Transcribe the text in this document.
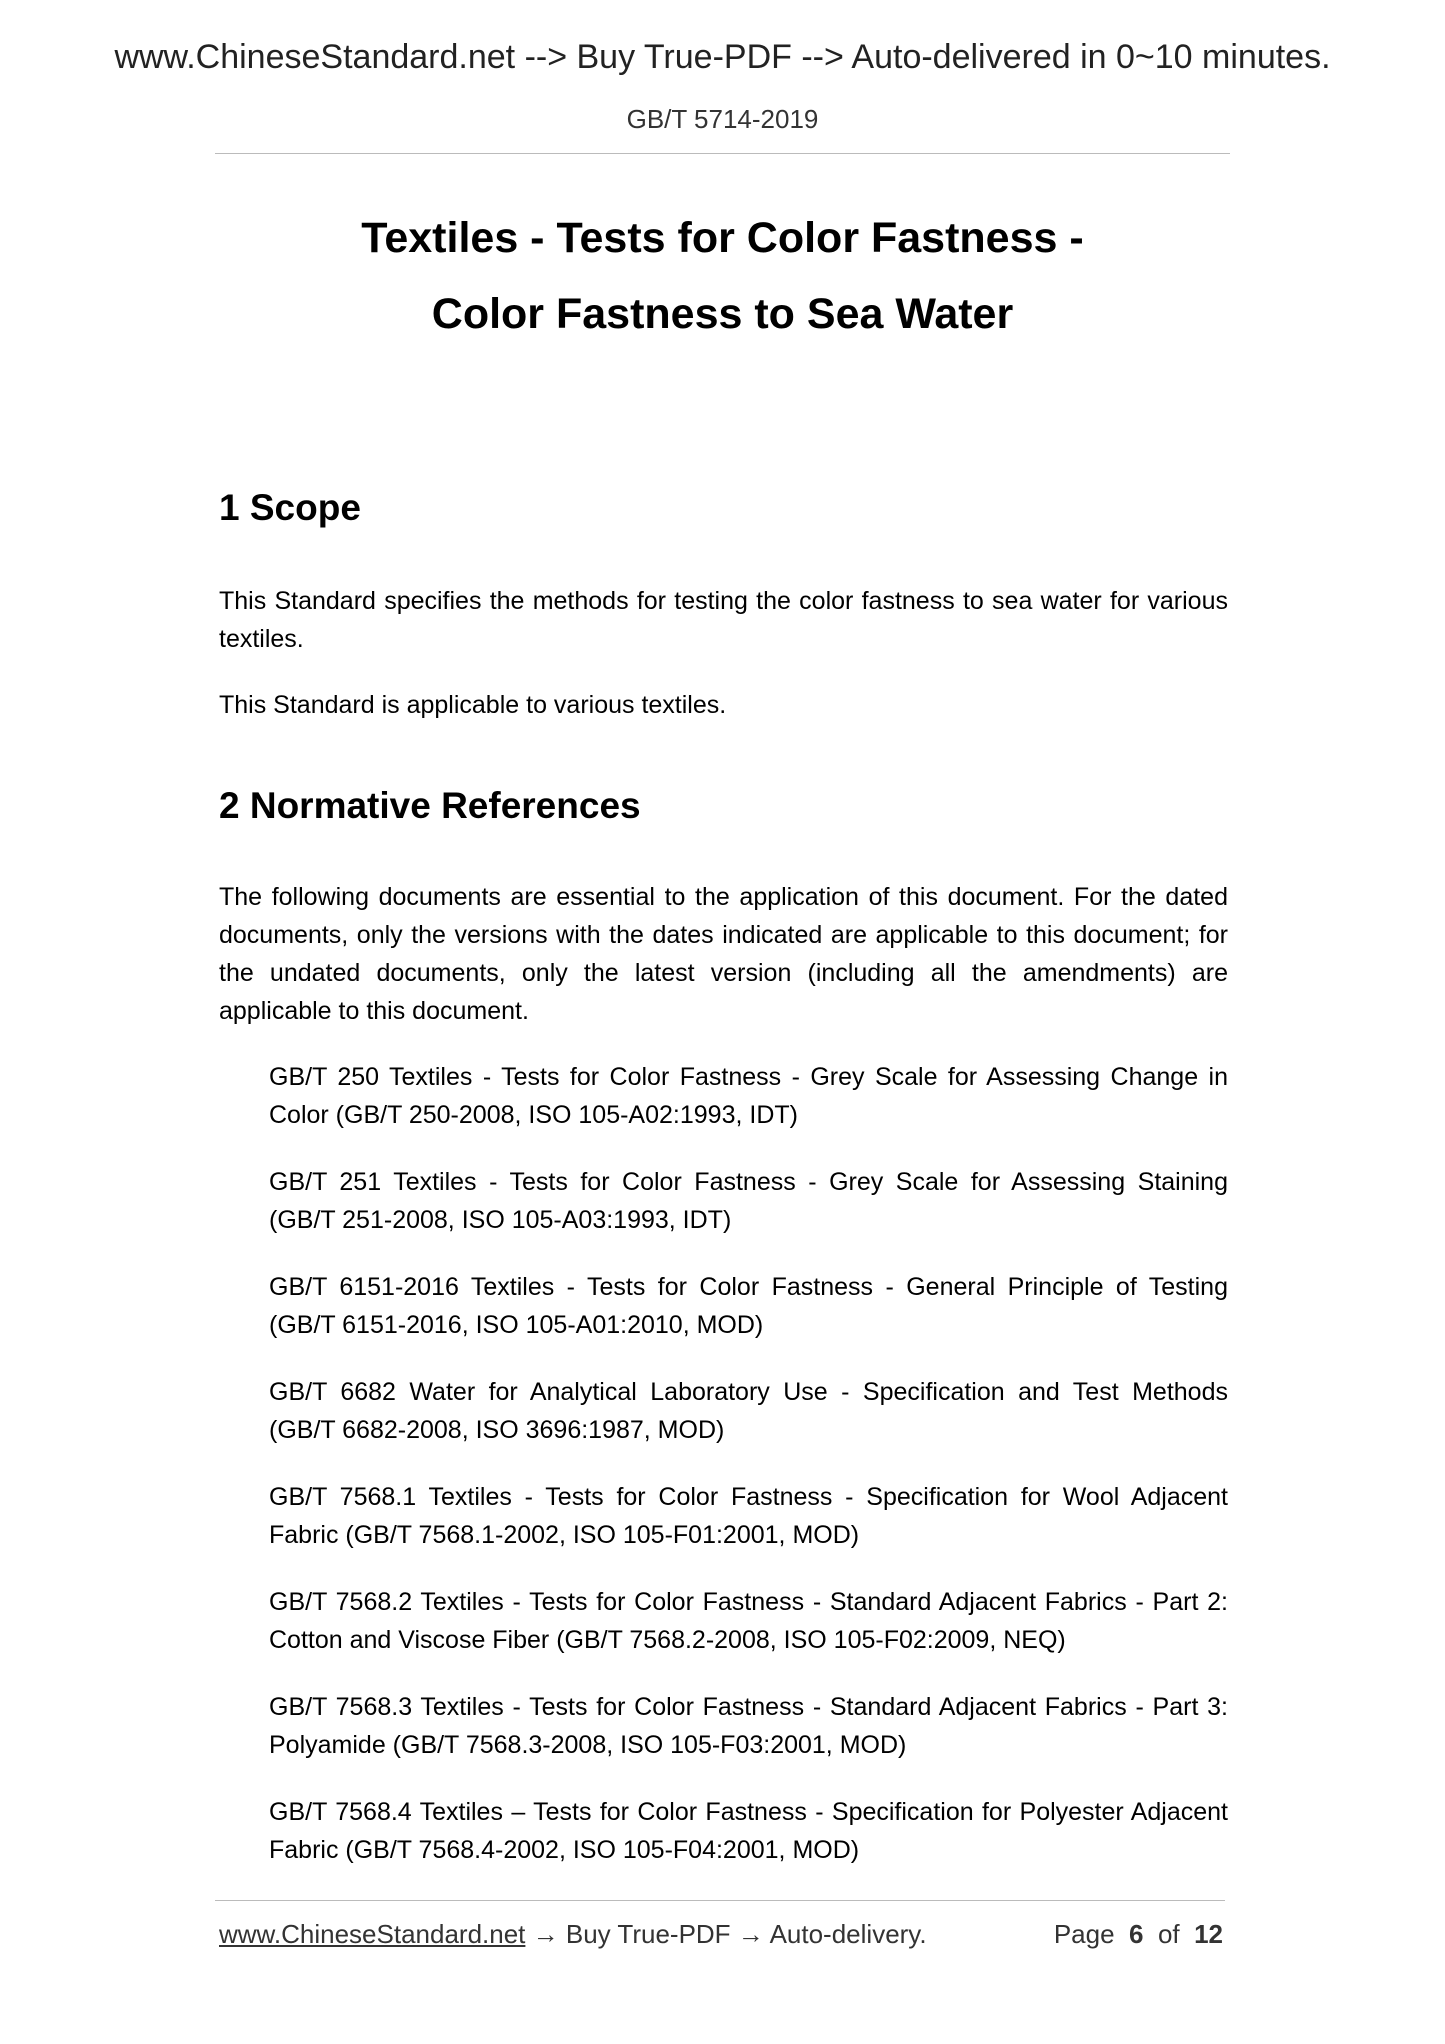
www.ChineseStandard.net --> Buy True-PDF --> Auto-delivered in 0~10 minutes.
GB/T 5714-2019
Textiles - Tests for Color Fastness -
Color Fastness to Sea Water
1 Scope

This Standard specifies the methods for testing the color fastness to sea water for various textiles.

This Standard is applicable to various textiles.

2 Normative References

The following documents are essential to the application of this document. For the dated documents, only the versions with the dates indicated are applicable to this document; for the undated documents, only the latest version (including all the amendments) are applicable to this document.

GB/T 250 Textiles - Tests for Color Fastness - Grey Scale for Assessing Change in Color (GB/T 250-2008, ISO 105-A02:1993, IDT)

GB/T 251 Textiles - Tests for Color Fastness - Grey Scale for Assessing Staining (GB/T 251-2008, ISO 105-A03:1993, IDT)

GB/T 6151-2016 Textiles - Tests for Color Fastness - General Principle of Testing (GB/T 6151-2016, ISO 105-A01:2010, MOD)

GB/T 6682 Water for Analytical Laboratory Use - Specification and Test Methods (GB/T 6682-2008, ISO 3696:1987, MOD)

GB/T 7568.1 Textiles - Tests for Color Fastness - Specification for Wool Adjacent Fabric (GB/T 7568.1-2002, ISO 105-F01:2001, MOD)

GB/T 7568.2 Textiles - Tests for Color Fastness - Standard Adjacent Fabrics - Part 2: Cotton and Viscose Fiber (GB/T 7568.2-2008, ISO 105-F02:2009, NEQ)

GB/T 7568.3 Textiles - Tests for Color Fastness - Standard Adjacent Fabrics - Part 3: Polyamide (GB/T 7568.3-2008, ISO 105-F03:2001, MOD)

GB/T 7568.4 Textiles – Tests for Color Fastness - Specification for Polyester Adjacent Fabric (GB/T 7568.4-2002, ISO 105-F04:2001, MOD)

www.ChineseStandard.net → Buy True-PDF → Auto-delivery.	Page 6 of 12
